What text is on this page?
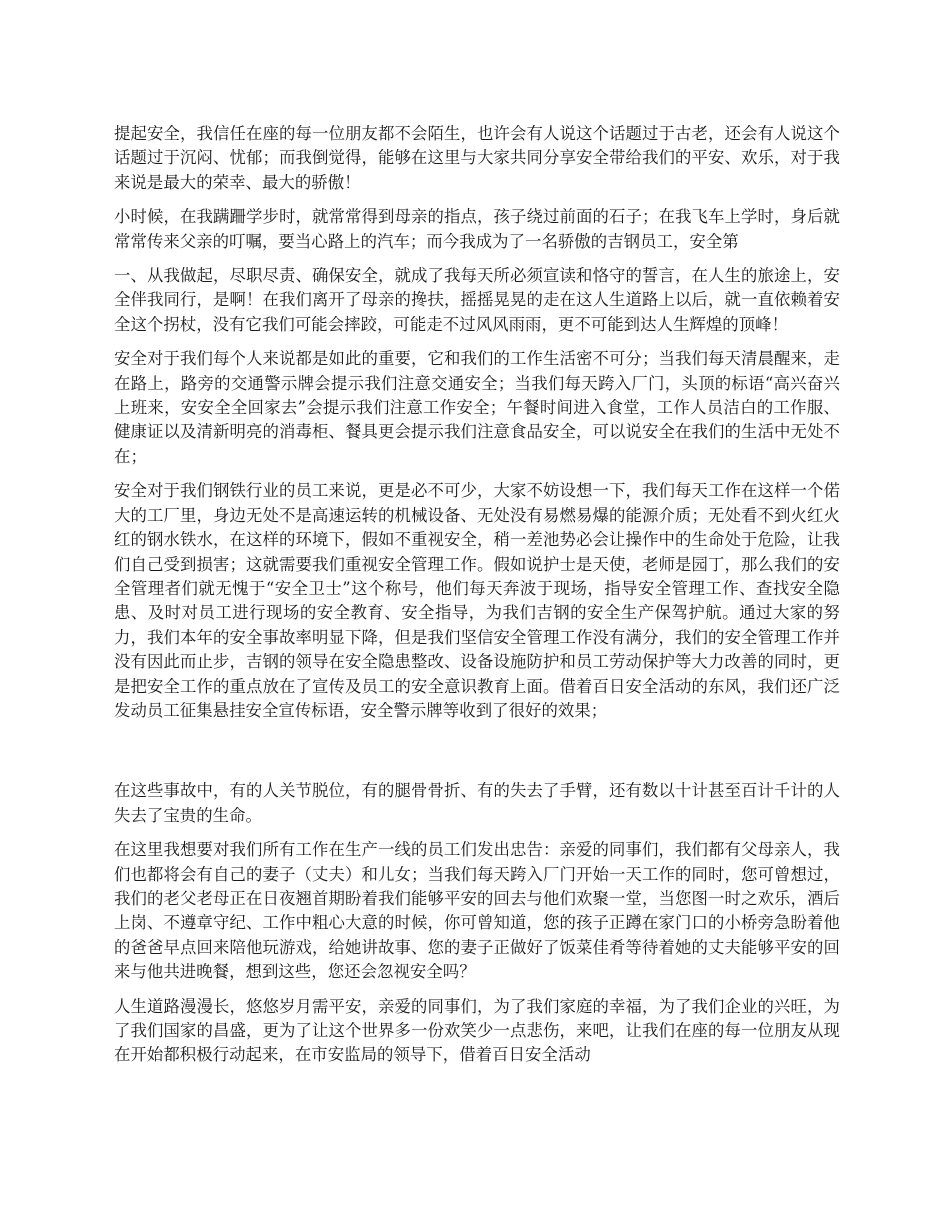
提起安全，我信任在座的每一位朋友都不会陌生，也许会有人说这个话题过于古老，还会有人说这个话题过于沉闷、忧郁；而我倒觉得，能够在这里与大家共同分享安全带给我们的平安、欢乐，对于我来说是最大的荣幸、最大的骄傲！

小时候，在我蹒跚学步时，就常常得到母亲的指点，孩子绕过前面的石子；在我飞车上学时，身后就常常传来父亲的叮嘱，要当心路上的汽车；而今我成为了一名骄傲的吉钢员工，安全第

一、从我做起，尽职尽责、确保安全，就成了我每天所必须宣读和恪守的誓言，在人生的旅途上，安全伴我同行，是啊！在我们离开了母亲的搀扶，摇摇晃晃的走在这人生道路上以后，就一直依赖着安全这个拐杖，没有它我们可能会摔跤，可能走不过风风雨雨，更不可能到达人生辉煌的顶峰！

安全对于我们每个人来说都是如此的重要，它和我们的工作生活密不可分；当我们每天清晨醒来，走在路上，路旁的交通警示牌会提示我们注意交通安全；当我们每天跨入厂门，头顶的标语“高兴奋兴上班来，安安全全回家去”会提示我们注意工作安全；午餐时间进入食堂，工作人员洁白的工作服、健康证以及清新明亮的消毒柜、餐具更会提示我们注意食品安全，可以说安全在我们的生活中无处不在；

安全对于我们钢铁行业的员工来说，更是必不可少，大家不妨设想一下，我们每天工作在这样一个偌大的工厂里，身边无处不是高速运转的机械设备、无处没有易燃易爆的能源介质；无处看不到火红火红的钢水铁水，在这样的环境下，假如不重视安全，稍一差池势必会让操作中的生命处于危险，让我们自己受到损害；这就需要我们重视安全管理工作。假如说护士是天使，老师是园丁，那么我们的安全管理者们就无愧于“安全卫士”这个称号，他们每天奔波于现场，指导安全管理工作、查找安全隐患、及时对员工进行现场的安全教育、安全指导，为我们吉钢的安全生产保驾护航。通过大家的努力，我们本年的安全事故率明显下降，但是我们坚信安全管理工作没有满分，我们的安全管理工作并没有因此而止步，吉钢的领导在安全隐患整改、设备设施防护和员工劳动保护等大力改善的同时，更是把安全工作的重点放在了宣传及员工的安全意识教育上面。借着百日安全活动的东风，我们还广泛发动员工征集悬挂安全宣传标语，安全警示牌等收到了很好的效果；

在这些事故中，有的人关节脱位，有的腿骨骨折、有的失去了手臂，还有数以十计甚至百计千计的人失去了宝贵的生命。

在这里我想要对我们所有工作在生产一线的员工们发出忠告：亲爱的同事们，我们都有父母亲人，我们也都将会有自己的妻子（丈夫）和儿女；当我们每天跨入厂门开始一天工作的同时，您可曾想过，我们的老父老母正在日夜翘首期盼着我们能够平安的回去与他们欢聚一堂，当您图一时之欢乐，酒后上岗、不遵章守纪、工作中粗心大意的时候，你可曾知道，您的孩子正蹲在家门口的小桥旁急盼着他的爸爸早点回来陪他玩游戏，给她讲故事、您的妻子正做好了饭菜佳肴等待着她的丈夫能够平安的回来与他共进晚餐，想到这些，您还会忽视安全吗？

人生道路漫漫长，悠悠岁月需平安，亲爱的同事们，为了我们家庭的幸福，为了我们企业的兴旺，为了我们国家的昌盛，更为了让这个世界多一份欢笑少一点悲伤，来吧，让我们在座的每一位朋友从现在开始都积极行动起来，在市安监局的领导下，借着百日安全活动
